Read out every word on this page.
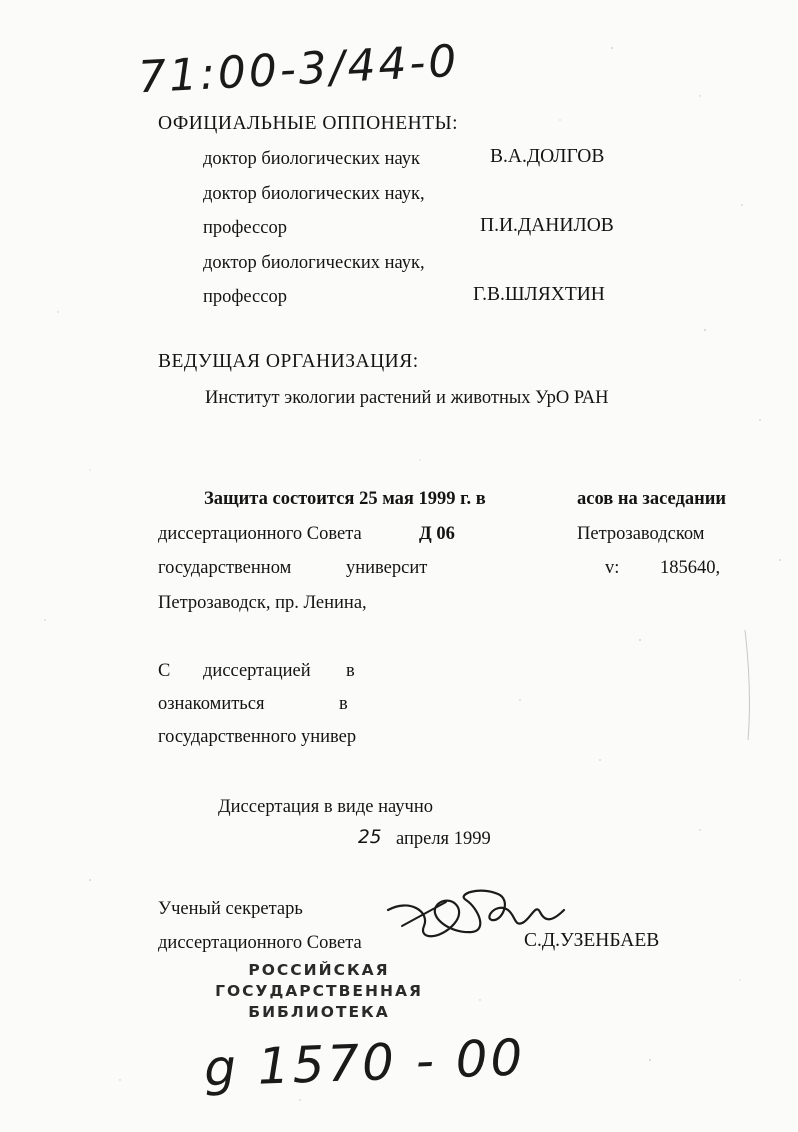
71:00-3/44-0
ОФИЦИАЛЬНЫЕ ОППОНЕНТЫ:
доктор биологических наук	В.А.ДОЛГОВ
доктор биологических наук,
профессор	П.И.ДАНИЛОВ
доктор биологических наук,
профессор	Г.В.ШЛЯХТИН
ВЕДУЩАЯ ОРГАНИЗАЦИЯ:
Институт экологии растений и животных УрО РАН
Защита состоится 25 мая 1999 г. в	асов на заседании
диссертационного Совета	Д 06	Петрозаводском
государственном	университ	v: 185640,
Петрозаводск, пр. Ленина,
С диссертацией в
ознакомиться	в
государственного универ
Диссертация в виде научно
25 апреля 1999
Ученый секретарь
диссертационного Совета	С.Д.УЗЕНБАЕВ
РОССИЙСКАЯ
ГОСУДАРСТВЕННАЯ
БИБЛИОТЕКА
g 1570 - 00
